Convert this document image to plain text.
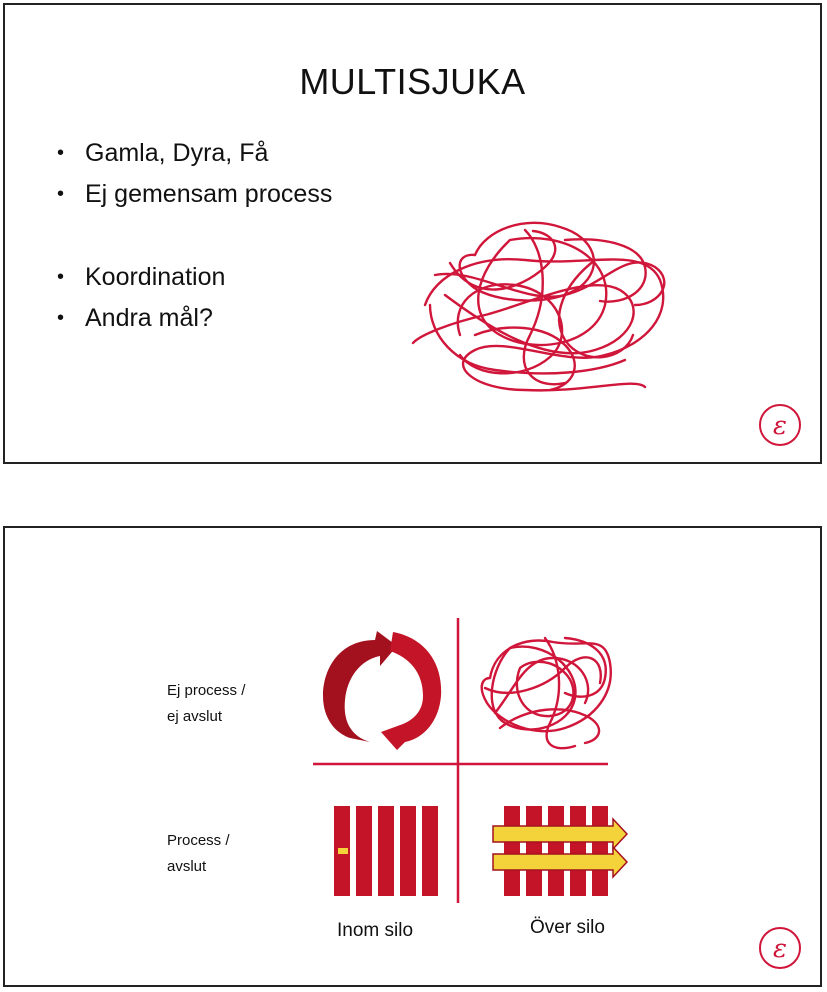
MULTISJUKA
• Gamla, Dyra, Få
• Ej gemensam process
• Koordination
• Andra mål?
ε
Ej process /
ej avslut
Process /
avslut
Inom silo	Över silo
ε
